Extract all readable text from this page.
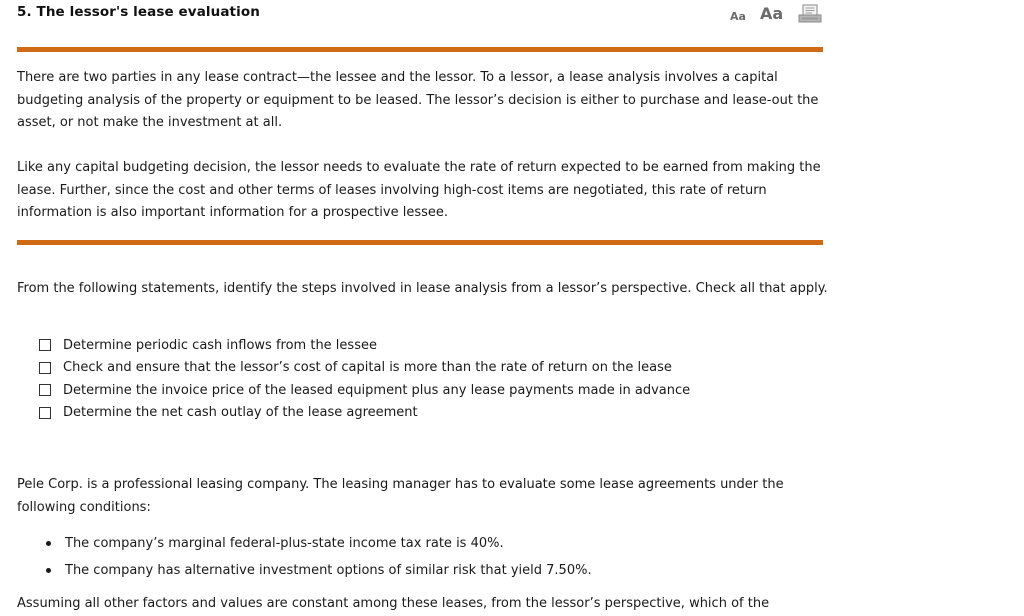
5. The lessor's lease evaluation	Aa Aa

There are two parties in any lease contract—the lessee and the lessor. To a lessor, a lease analysis involves a capital budgeting analysis of the property or equipment to be leased. The lessor’s decision is either to purchase and lease-out the asset, or not make the investment at all.

Like any capital budgeting decision, the lessor needs to evaluate the rate of return expected to be earned from making the lease. Further, since the cost and other terms of leases involving high-cost items are negotiated, this rate of return information is also important information for a prospective lessee.

From the following statements, identify the steps involved in lease analysis from a lessor’s perspective. Check all that apply.

Determine periodic cash inflows from the lessee
Check and ensure that the lessor’s cost of capital is more than the rate of return on the lease
Determine the invoice price of the leased equipment plus any lease payments made in advance
Determine the net cash outlay of the lease agreement

Pele Corp. is a professional leasing company. The leasing manager has to evaluate some lease agreements under the following conditions:

The company’s marginal federal-plus-state income tax rate is 40%.
The company has alternative investment options of similar risk that yield 7.50%.

Assuming all other factors and values are constant among these leases, from the lessor’s perspective, which of the
